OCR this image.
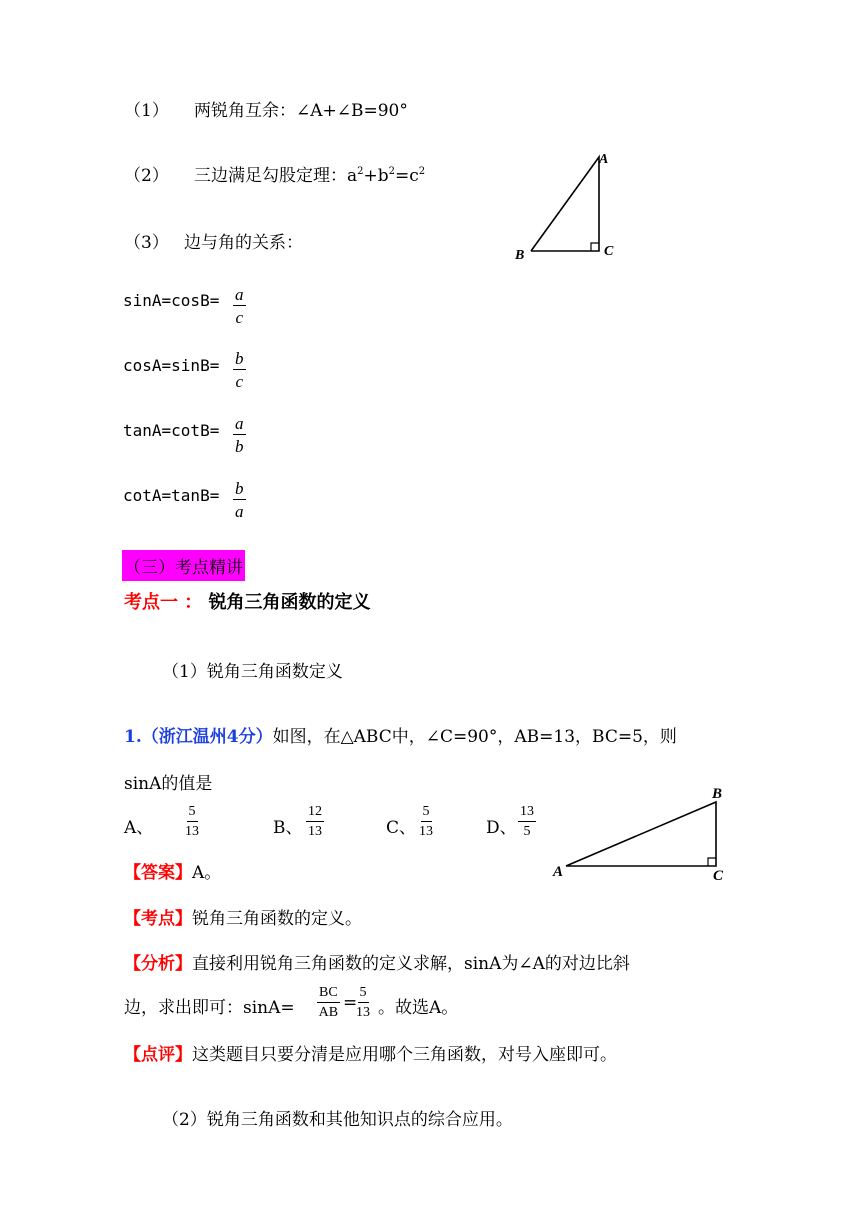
（1） 两锐角互余：∠A+∠B=90°
（2） 三边满足勾股定理：$a^2+b^2=c^2$
（3） 边与角的关系：
A
B	C
$\sin A=\cos B= \frac{a}{c}$
$\cos A=\sin B= \frac{b}{c}$
$\tan A=\cot B= \frac{a}{b}$
$\cot A=\tan B= \frac{b}{a}$
（三）考点精讲
考点一 ： 锐角三角函数的定义
（1）锐角三角函数定义
1.（浙江温州4分）如图，在△ABC中，∠C=90°，AB=13，BC=5，则
sinA的值是
A、 $\frac{5}{13}$	B、 $\frac{12}{13}$	C、 $\frac{5}{13}$	D、 $\frac{13}{5}$
B
A	C
【答案】A。
【考点】锐角三角函数的定义。
【分析】直接利用锐角三角函数的定义求解，sinA为∠A的对边比斜
边，求出即可：$\sin A= \frac{BC}{AB}$ =
$\frac{5}{13}$ 。故选A。
【点评】这类题目只要分清是应用哪个三角函数，对号入座即可。
（2）锐角三角函数和其他知识点的综合应用。
